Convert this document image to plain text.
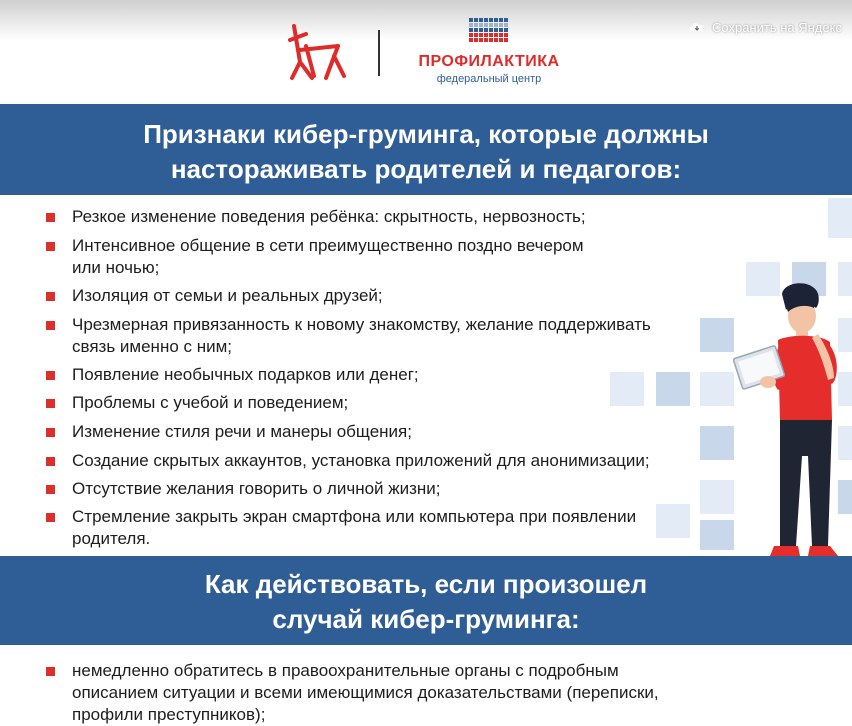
Сохранить на Яндекс
ПРОФИЛАКТИКА
федеральный центр
Признаки кибер-груминга, которые должны
настораживать родителей и педагогов:
Резкое изменение поведения ребёнка: скрытность, нервозность;
Интенсивное общение в сети преимущественно поздно вечером
или ночью;
Изоляция от семьи и реальных друзей;
Чрезмерная привязанность к новому знакомству, желание поддерживать
связь именно с ним;
Появление необычных подарков или денег;
Проблемы с учебой и поведением;
Изменение стиля речи и манеры общения;
Создание скрытых аккаунтов, установка приложений для анонимизации;
Отсутствие желания говорить о личной жизни;
Стремление закрыть экран смартфона или компьютера при появлении
родителя.
Как действовать, если произошел
случай кибер-груминга:
немедленно обратитесь в правоохранительные органы с подробным
описанием ситуации и всеми имеющимися доказательствами (переписки,
профили преступников);
